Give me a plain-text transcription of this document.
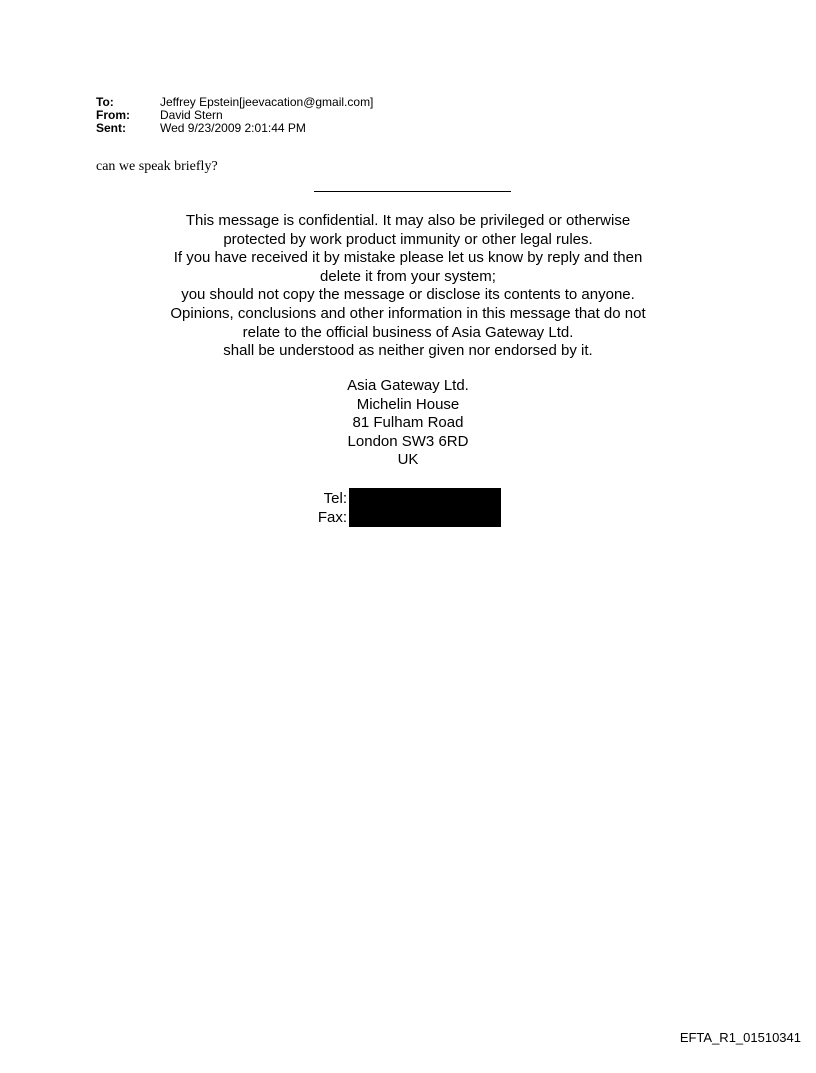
To:	Jeffrey Epstein[jeevacation@gmail.com]
From:	David Stern
Sent:	Wed 9/23/2009 2:01:44 PM
can we speak briefly?

This message is confidential. It may also be privileged or otherwise

protected by work product immunity or other legal rules.

If you have received it by mistake please let us know by reply and then

delete it from your system;

you should not copy the message or disclose its contents to anyone.

Opinions, conclusions and other information in this message that do not

relate to the official business of Asia Gateway Ltd.

shall be understood as neither given nor endorsed by it.

Asia Gateway Ltd.

Michelin House

81 Fulham Road

London SW3 6RD

UK

Tel:
Fax:
EFTA_R1_01510341
